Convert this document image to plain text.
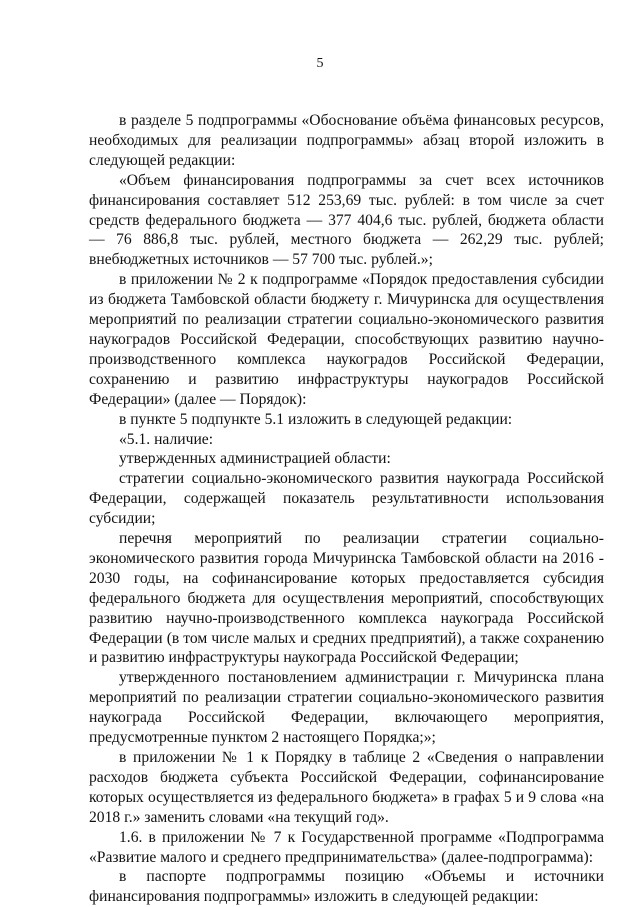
5

в разделе 5 подпрограммы «Обоснование объёма финансовых ресурсов, необходимых для реализации подпрограммы» абзац второй изложить в следующей редакции:

«Объем финансирования подпрограммы за счет всех источников финансирования составляет 512 253,69 тыс. рублей: в том числе за счет средств федерального бюджета — 377 404,6 тыс. рублей, бюджета области — 76 886,8 тыс. рублей, местного бюджета — 262,29 тыс. рублей; внебюджетных источников — 57 700 тыс. рублей.»;

в приложении № 2 к подпрограмме «Порядок предоставления субсидии из бюджета Тамбовской области бюджету г. Мичуринска для осуществления мероприятий по реализации стратегии социально-экономического развития наукоградов Российской Федерации, способствующих развитию научно-производственного комплекса наукоградов Российской Федерации, сохранению и развитию инфраструктуры наукоградов Российской Федерации» (далее — Порядок):

в пункте 5 подпункте 5.1 изложить в следующей редакции:

«5.1. наличие:

утвержденных администрацией области:

стратегии социально-экономического развития наукограда Российской Федерации, содержащей показатель результативности использования субсидии;

перечня мероприятий по реализации стратегии социально-экономического развития города Мичуринска Тамбовской области на 2016 - 2030 годы, на софинансирование которых предоставляется субсидия федерального бюджета для осуществления мероприятий, способствующих развитию научно-производственного комплекса наукограда Российской Федерации (в том числе малых и средних предприятий), а также сохранению и развитию инфраструктуры наукограда Российской Федерации;

утвержденного постановлением администрации г. Мичуринска плана мероприятий по реализации стратегии социально-экономического развития наукограда Российской Федерации, включающего мероприятия, предусмотренные пунктом 2 настоящего Порядка;»;

в приложении № 1 к Порядку в таблице 2 «Сведения о направлении расходов бюджета субъекта Российской Федерации, софинансирование которых осуществляется из федерального бюджета» в графах 5 и 9 слова «на 2018 г.» заменить словами «на текущий год».

1.6. в приложении № 7 к Государственной программе «Подпрограмма «Развитие малого и среднего предпринимательства» (далее-подпрограмма):

в паспорте подпрограммы позицию «Объемы и источники финансирования подпрограммы» изложить в следующей редакции:
